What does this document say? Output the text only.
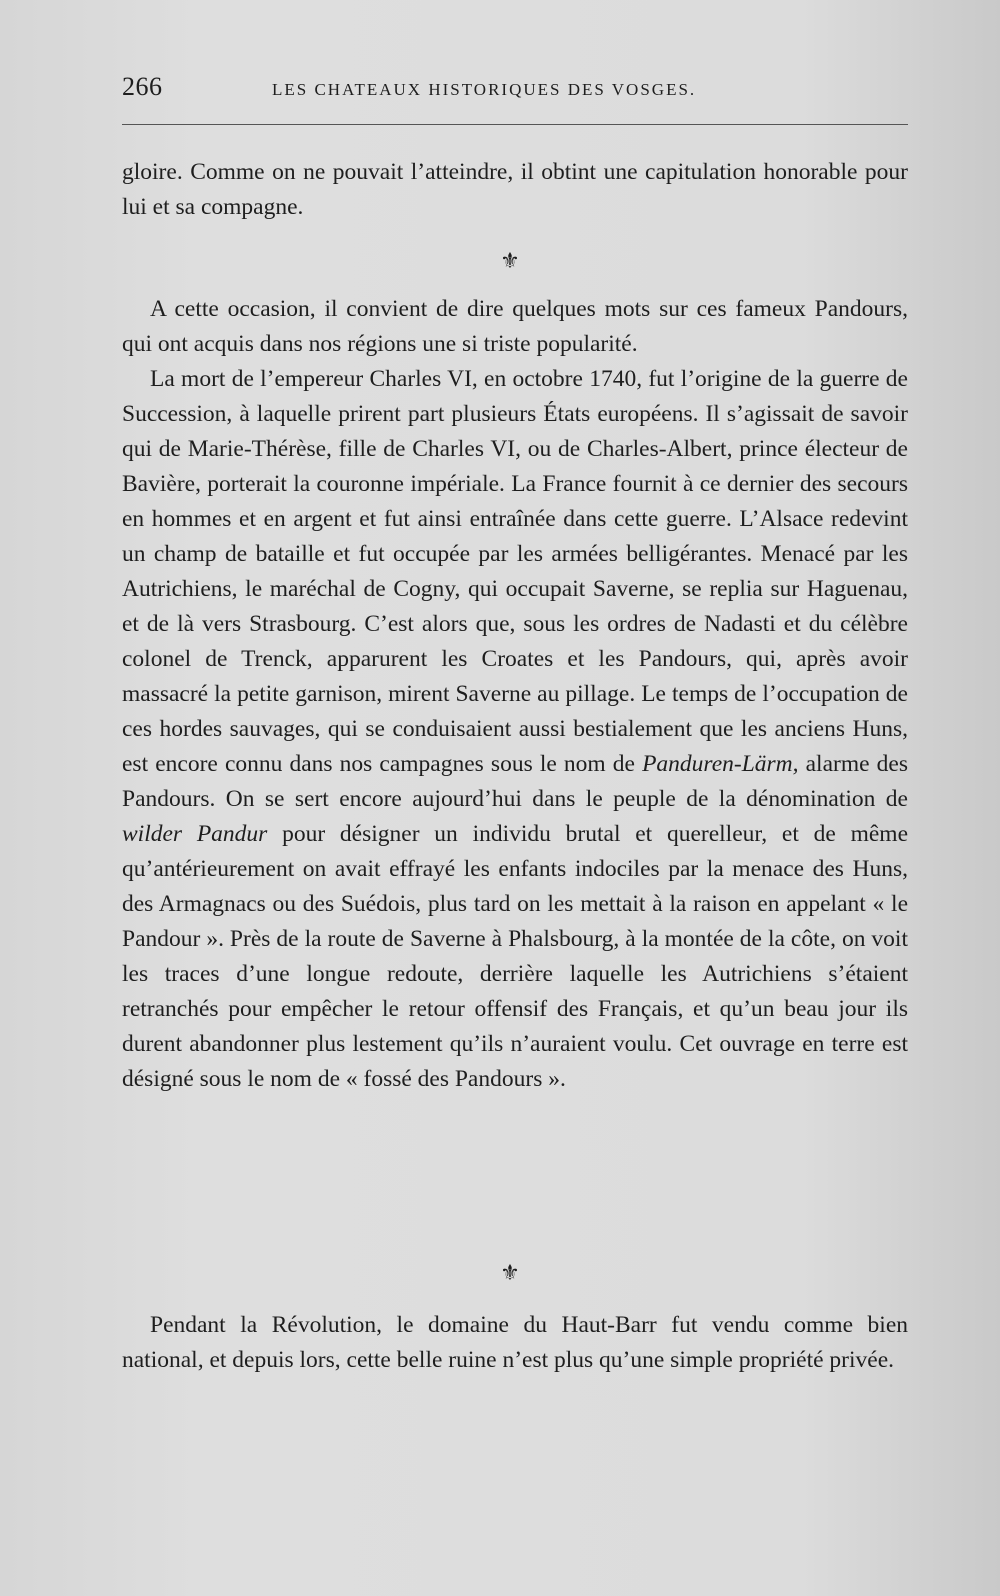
266	LES CHATEAUX HISTORIQUES DES VOSGES.

gloire. Comme on ne pouvait l’atteindre, il obtint une capitulation honorable pour lui et sa compagne.

⚜

A cette occasion, il convient de dire quelques mots sur ces fameux Pandours, qui ont acquis dans nos régions une si triste popularité.

La mort de l’empereur Charles VI, en octobre 1740, fut l’origine de la guerre de Succession, à laquelle prirent part plusieurs États européens. Il s’agissait de savoir qui de Marie-Thérèse, fille de Charles VI, ou de Charles-Albert, prince électeur de Bavière, porterait la couronne impériale. La France fournit à ce dernier des secours en hommes et en argent et fut ainsi entraînée dans cette guerre. L’Alsace redevint un champ de bataille et fut occupée par les armées belligérantes. Menacé par les Autrichiens, le maréchal de Cogny, qui occupait Saverne, se replia sur Haguenau, et de là vers Strasbourg. C’est alors que, sous les ordres de Nadasti et du célèbre colonel de Trenck, apparurent les Croates et les Pandours, qui, après avoir massacré la petite garnison, mirent Saverne au pillage. Le temps de l’occupation de ces hordes sauvages, qui se conduisaient aussi bestialement que les anciens Huns, est encore connu dans nos campagnes sous le nom de Panduren-Lärm, alarme des Pandours. On se sert encore aujourd’hui dans le peuple de la dénomination de wilder Pandur pour désigner un individu brutal et querelleur, et de même qu’antérieurement on avait effrayé les enfants indociles par la menace des Huns, des Armagnacs ou des Suédois, plus tard on les mettait à la raison en appelant « le Pandour ». Près de la route de Saverne à Phalsbourg, à la montée de la côte, on voit les traces d’une longue redoute, derrière laquelle les Autrichiens s’étaient retranchés pour empêcher le retour offensif des Français, et qu’un beau jour ils durent abandonner plus lestement qu’ils n’auraient voulu. Cet ouvrage en terre est désigné sous le nom de « fossé des Pandours ».

⚜

Pendant la Révolution, le domaine du Haut-Barr fut vendu comme bien national, et depuis lors, cette belle ruine n’est plus qu’une simple propriété privée.
